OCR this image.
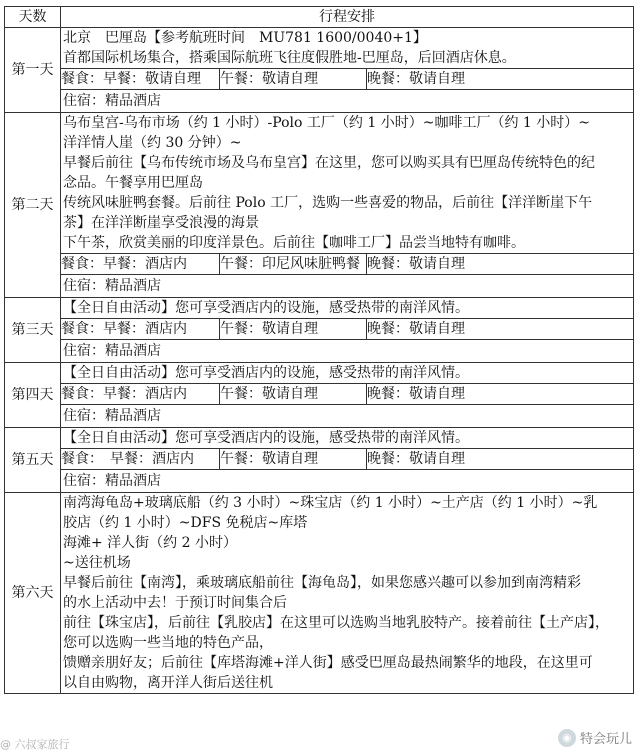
天数	行程安排
第一天	
北京　巴厘岛【参考航班时间　MU781 1600/0040+1】
首都国际机场集合，搭乘国际航班飞往度假胜地-巴厘岛，后回酒店休息。

餐食：早餐：敬请自理	午餐：敬请自理	晚餐：敬请自理

住宿：精品酒店
第二天	
乌布皇宫-乌布市场（约 1 小时）-Polo 工厂（约 1 小时）~咖啡工厂（约 1 小时）~
洋洋情人崖（约 30 分钟）~
早餐后前往【乌布传统市场及乌布皇宫】在这里，您可以购买具有巴厘岛传统特色的纪
念品。午餐享用巴厘岛
传统风味脏鸭套餐。后前往 Polo 工厂，选购一些喜爱的物品，后前往【洋洋断崖下午
茶】在洋洋断崖享受浪漫的海景
下午茶，欣赏美丽的印度洋景色。后前往【咖啡工厂】品尝当地特有咖啡。

餐食：早餐：酒店内	午餐：印尼风味脏鸭餐	晚餐：敬请自理

住宿：精品酒店
第三天	
【全日自由活动】您可享受酒店内的设施，感受热带的南洋风情。

餐食：早餐：酒店内	午餐：敬请自理	晚餐：敬请自理

住宿：精品酒店
第四天	
【全日自由活动】您可享受酒店内的设施，感受热带的南洋风情。

餐食：早餐：酒店内	午餐：敬请自理	晚餐：敬请自理

住宿：精品酒店
第五天	
【全日自由活动】您可享受酒店内的设施，感受热带的南洋风情。

餐食：　早餐：酒店内	午餐：敬请自理	晚餐：敬请自理

住宿：精品酒店
第六天	
南湾海龟岛+玻璃底船（约 3 小时）~珠宝店（约 1 小时）~土产店（约 1 小时）~乳
胶店（约 1 小时）~DFS 免税店~库塔
海滩+ 洋人街（约 2 小时）
~送往机场
早餐后前往【南湾】，乘玻璃底船前往【海龟岛】，如果您感兴趣可以参加到南湾精彩
的水上活动中去！于预订时间集合后
前往【珠宝店】，后前往【乳胶店】在这里可以选购当地乳胶特产。接着前往【土产店】，
您可以选购一些当地的特色产品，
馈赠亲朋好友；后前往【库塔海滩+洋人街】感受巴厘岛最热闹繁华的地段，在这里可
以自由购物，离开洋人街后送往机
@ 六叔家旅行
◉ 特会玩儿
